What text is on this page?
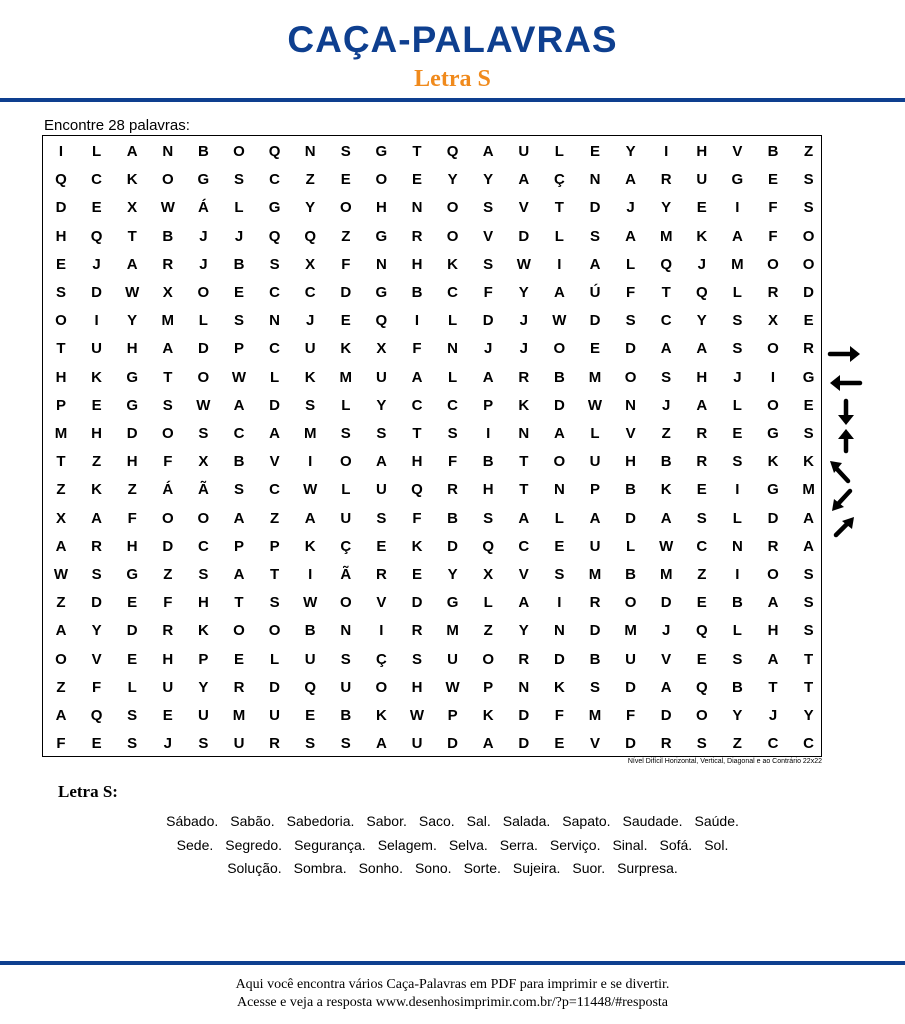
CAÇA-PALAVRAS
Letra S
Encontre 28 palavras:
I	L	A	N	B	O	Q	N	S	G	T	Q	A	U	L	E	Y	I	H	V	B	Z
Q	C	K	O	G	S	C	Z	E	O	E	Y	Y	A	Ç	N	A	R	U	G	E	S
D	E	X	W	Á	L	G	Y	O	H	N	O	S	V	T	D	J	Y	E	I	F	S
H	Q	T	B	J	J	Q	Q	Z	G	R	O	V	D	L	S	A	M	K	A	F	O
E	J	A	R	J	B	S	X	F	N	H	K	S	W	I	A	L	Q	J	M	O	O
S	D	W	X	O	E	C	C	D	G	B	C	F	Y	A	Ú	F	T	Q	L	R	D
O	I	Y	M	L	S	N	J	E	Q	I	L	D	J	W	D	S	C	Y	S	X	E
T	U	H	A	D	P	C	U	K	X	F	N	J	J	O	E	D	A	A	S	O	R
H	K	G	T	O	W	L	K	M	U	A	L	A	R	B	M	O	S	H	J	I	G
P	E	G	S	W	A	D	S	L	Y	C	C	P	K	D	W	N	J	A	L	O	E
M	H	D	O	S	C	A	M	S	S	T	S	I	N	A	L	V	Z	R	E	G	S
T	Z	H	F	X	B	V	I	O	A	H	F	B	T	O	U	H	B	R	S	K	K
Z	K	Z	Á	Ã	S	C	W	L	U	Q	R	H	T	N	P	B	K	E	I	G	M
X	A	F	O	O	A	Z	A	U	S	F	B	S	A	L	A	D	A	S	L	D	A
A	R	H	D	C	P	P	K	Ç	E	K	D	Q	C	E	U	L	W	C	N	R	A
W	S	G	Z	S	A	T	I	Ã	R	E	Y	X	V	S	M	B	M	Z	I	O	S
Z	D	E	F	H	T	S	W	O	V	D	G	L	A	I	R	O	D	E	B	A	S
A	Y	D	R	K	O	O	B	N	I	R	M	Z	Y	N	D	M	J	Q	L	H	S
O	V	E	H	P	E	L	U	S	Ç	S	U	O	R	D	B	U	V	E	S	A	T
Z	F	L	U	Y	R	D	Q	U	O	H	W	P	N	K	S	D	A	Q	B	T	T
A	Q	S	E	U	M	U	E	B	K	W	P	K	D	F	M	F	D	O	Y	J	Y
F	E	S	J	S	U	R	S	S	A	U	D	A	D	E	V	D	R	S	Z	C	C
Nível Difícil Horizontal, Vertical, Diagonal e ao Contrário 22x22
Letra S:
Sábado. Sabão. Sabedoria. Sabor. Saco. Sal. Salada. Sapato. Saudade. Saúde.
Sede. Segredo. Segurança. Selagem. Selva. Serra. Serviço. Sinal. Sofá. Sol.
Solução. Sombra. Sonho. Sono. Sorte. Sujeira. Suor. Surpresa.
Aqui você encontra vários Caça-Palavras em PDF para imprimir e se divertir.
Acesse e veja a resposta www.desenhosimprimir.com.br/?p=11448/#resposta
